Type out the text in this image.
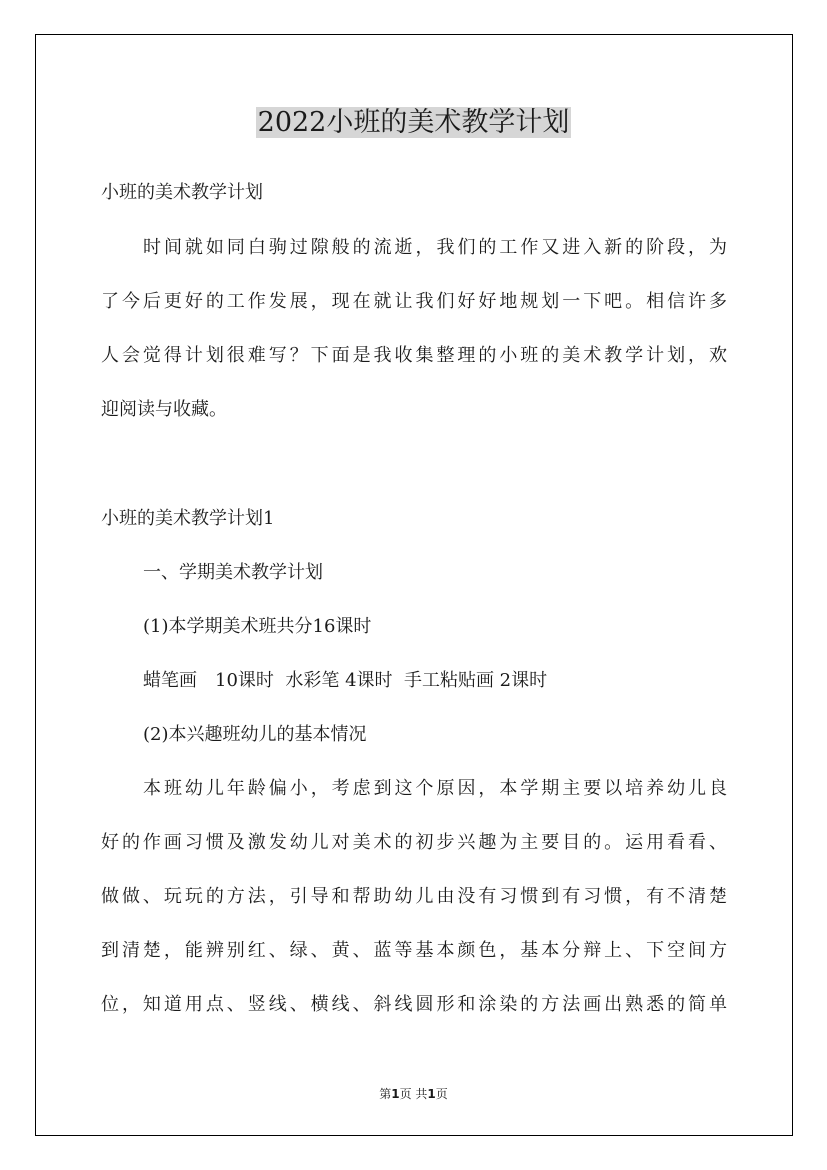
2022小班的美术教学计划
小班的美术教学计划
时间就如同白驹过隙般的流逝，我们的工作又进入新的阶段，为
了今后更好的工作发展，现在就让我们好好地规划一下吧。相信许多
人会觉得计划很难写？下面是我收集整理的小班的美术教学计划，欢
迎阅读与收藏。
小班的美术教学计划1
一、学期美术教学计划
(1)本学期美术班共分16课时
蜡笔画　10课时  水彩笔 4课时  手工粘贴画 2课时
(2)本兴趣班幼儿的基本情况
本班幼儿年龄偏小，考虑到这个原因，本学期主要以培养幼儿良
好的作画习惯及激发幼儿对美术的初步兴趣为主要目的。运用看看、
做做、玩玩的方法，引导和帮助幼儿由没有习惯到有习惯，有不清楚
到清楚，能辨别红、绿、黄、蓝等基本颜色，基本分辩上、下空间方
位，知道用点、竖线、横线、斜线圆形和涂染的方法画出熟悉的简单
第1页 共1页
